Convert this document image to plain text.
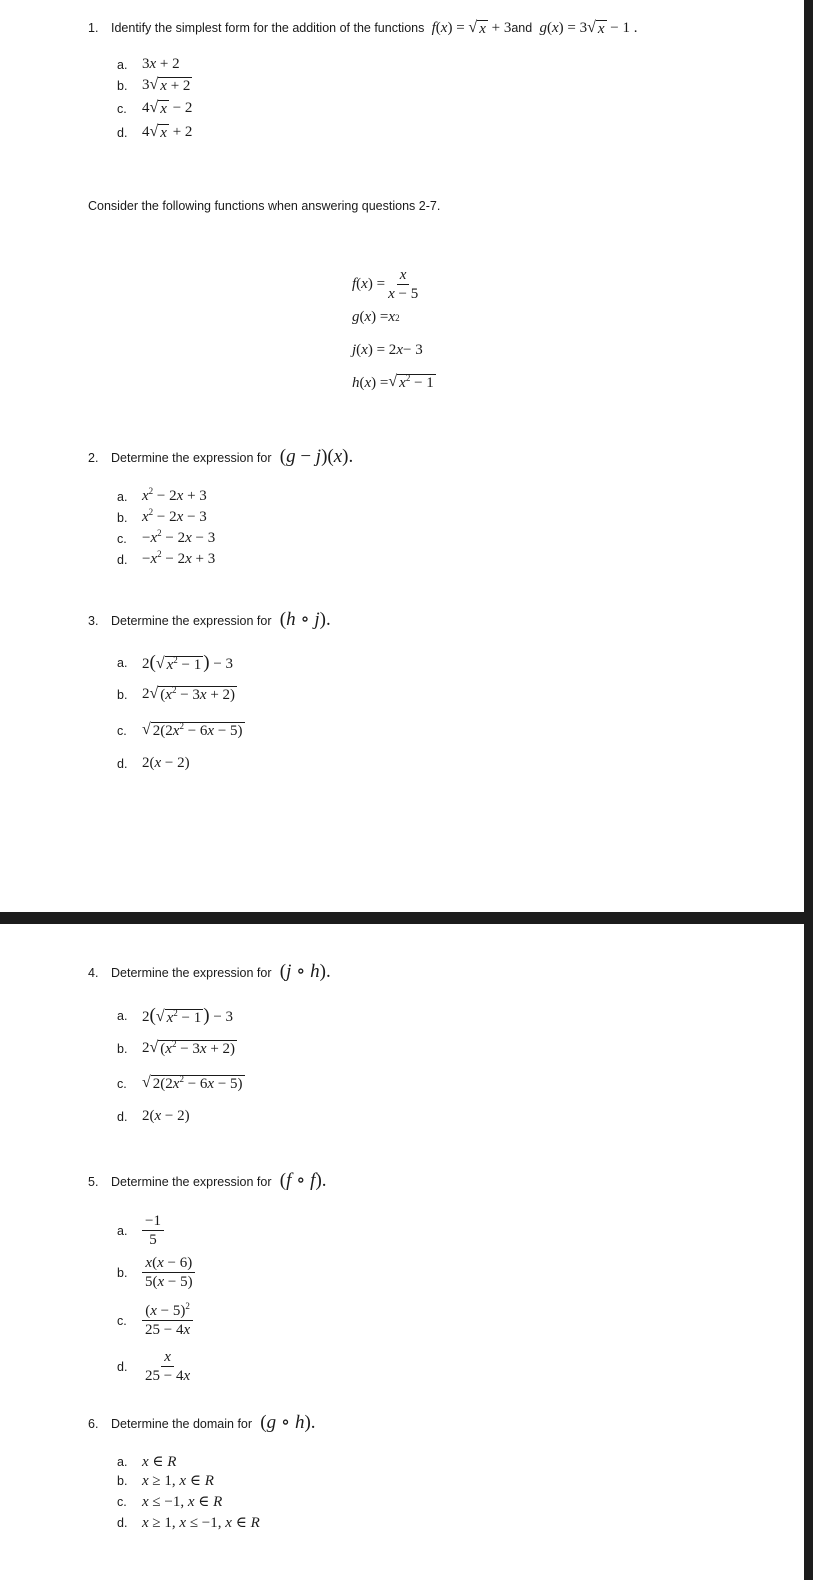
1. Identify the simplest form for the addition of the functions f(x) = √ x + 3and g(x) = 3 √ x − 1 .
a. 3x + 2
b. 3 √ x + 2
c.	4 √ x − 2
d. 4 √ x + 2
Consider the following functions when answering questions 2-7.
f ( x ) = $\frac{x}{x - 5}$
g ( x ) = x 2
j ( x ) = 2 x − 3
h ( x ) = √ $x^2 - 1$
2. Determine the expression for  (g − j)(x).
a. $x^2 - 2x + 3$
b. $x^2 - 2x - 3$
c.	$-x^2 - 2x - 3$
d. $-x^2 - 2x + 3$
3. Determine the expression for  (h ∘ j).
a. 2( √ $x^2 - 1$ ) − 3
b. 2 √ $(x^2 - 3x + 2)$
c. √ $2(2x^2 - 6x - 5)$
d. 2(x − 2)
4. Determine the expression for  (j ∘ h).
a. 2( √ $x^2 - 1$ ) − 3
b. 2 √ $(x^2 - 3x + 2)$
c. √ $2(2x^2 - 6x - 5)$
d. 2(x − 2)
5. Determine the expression for  (f ∘ f).
a. $\frac{-1}{5}$
b. $\frac{x(x - 6)}{5(x - 5)}$
c.	$\frac{(x - 5)^2}{25 - 4x}$
d. $\frac{x}{25 - 4x}$
6. Determine the domain for  (g ∘ h).
a. x ∈ R
b. x ≥ 1, x ∈ R
c.	x ≤ −1, x ∈ R
d. x ≥ 1, x ≤ −1, x ∈ R
